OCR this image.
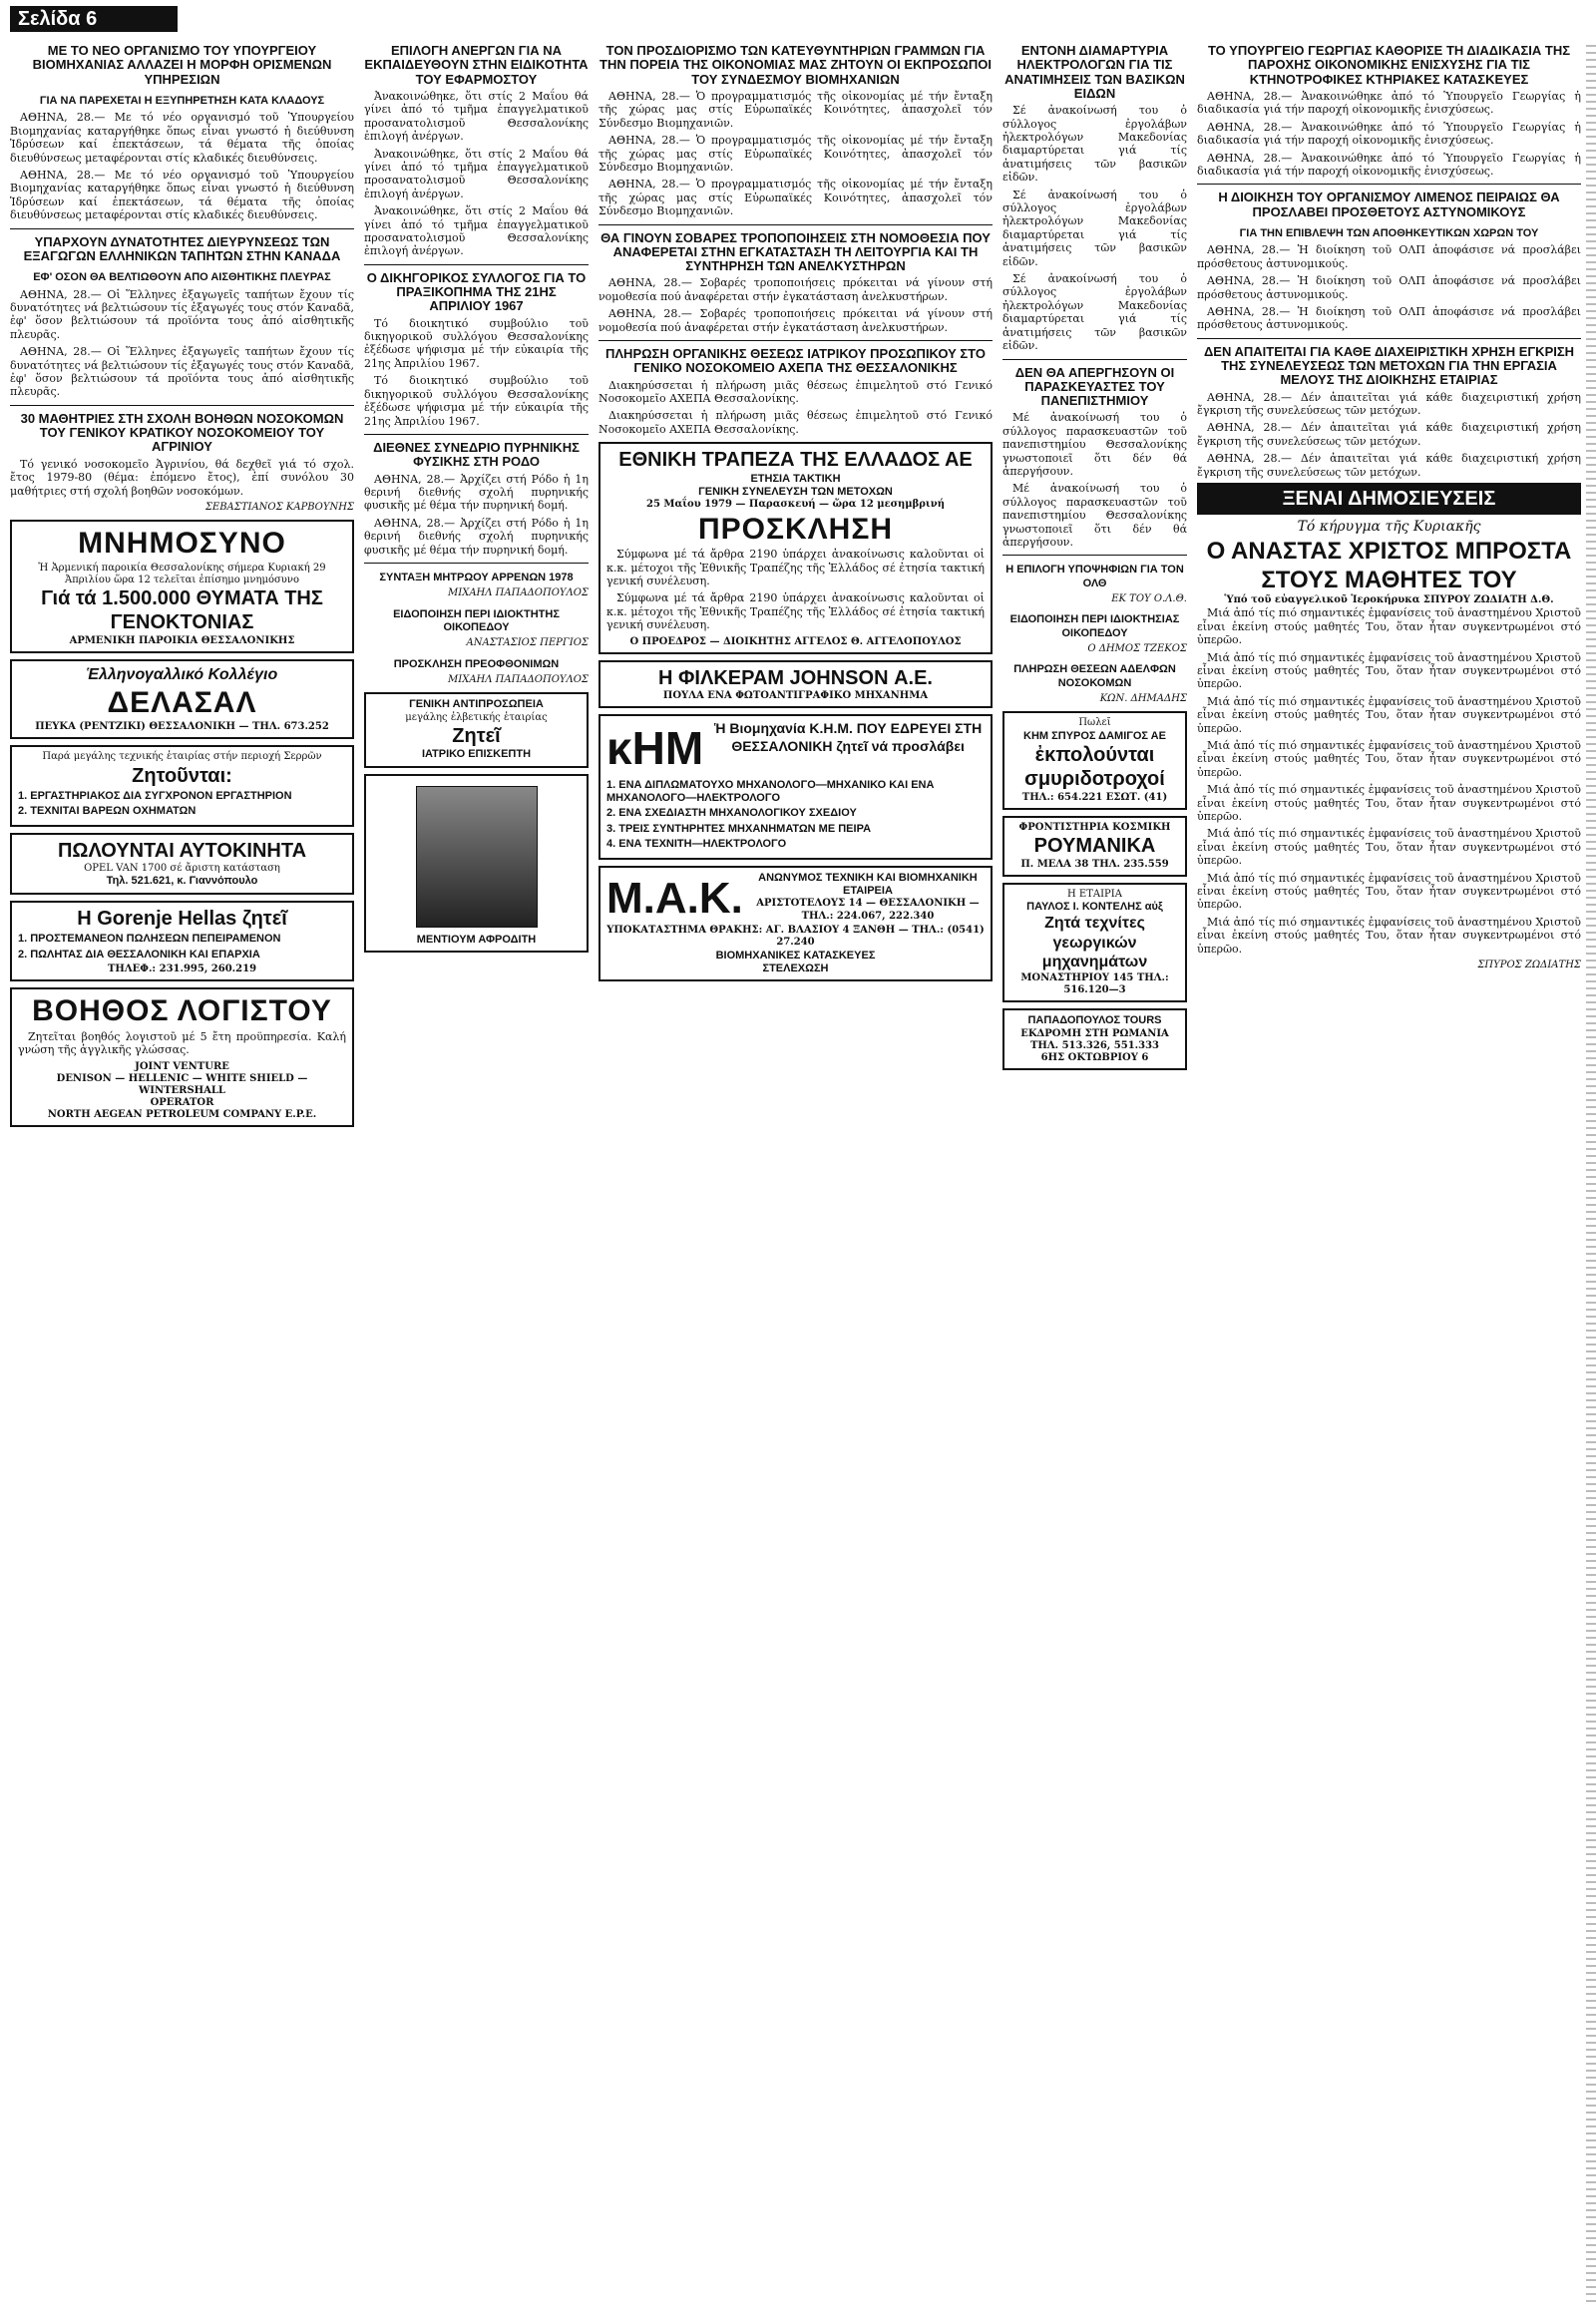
Σελίδα 6
ΜΕ ΤΟ ΝΕΟ ΟΡΓΑΝΙΣΜΟ ΤΟΥ ΥΠΟΥΡΓΕΙΟΥ ΒΙΟΜΗΧΑΝΙΑΣ ΑΛΛΑΖΕΙ Η ΜΟΡΦΗ ΟΡΙΣΜΕΝΩΝ ΥΠΗΡΕΣΙΩΝ
ΓΙΑ ΝΑ ΠΑΡΕΧΕΤΑΙ Η ΕΞΥΠΗΡΕΤΗΣΗ ΚΑΤΑ ΚΛΑΔΟΥΣ

ΑΘΗΝΑ, 28.— Με τό νέο οργανισμό τοῦ Ὑπουργείου Βιομηχανίας καταργήθηκε ὅπως εἶναι γνωστό ἡ διεύθυνση Ἱδρύσεων καί ἐπεκτάσεων, τά θέματα τῆς ὁποίας διευθύνσεως μεταφέρονται στίς κλαδικές διευθύνσεις.

ΑΘΗΝΑ, 28.— Με τό νέο οργανισμό τοῦ Ὑπουργείου Βιομηχανίας καταργήθηκε ὅπως εἶναι γνωστό ἡ διεύθυνση Ἱδρύσεων καί ἐπεκτάσεων, τά θέματα τῆς ὁποίας διευθύνσεως μεταφέρονται στίς κλαδικές διευθύνσεις.

ΥΠΑΡΧΟΥΝ ΔΥΝΑΤΟΤΗΤΕΣ ΔΙΕΥΡΥΝΣΕΩΣ ΤΩΝ ΕΞΑΓΩΓΩΝ ΕΛΛΗΝΙΚΩΝ ΤΑΠΗΤΩΝ ΣΤΗΝ ΚΑΝΑΔΑ
ΕΦ' ΟΣΟΝ ΘΑ ΒΕΛΤΙΩΘΟΥΝ ΑΠΟ ΑΙΣΘΗΤΙΚΗΣ ΠΛΕΥΡΑΣ

ΑΘΗΝΑ, 28.— Οἱ Ἕλληνες ἐξαγωγεῖς ταπήτων ἔχουν τίς δυνατότητες νά βελτιώσουν τίς ἐξαγωγές τους στόν Καναδᾶ, ἐφ' ὅσον βελτιώσουν τά προϊόντα τους ἀπό αἰσθητικῆς πλευρᾶς.

ΑΘΗΝΑ, 28.— Οἱ Ἕλληνες ἐξαγωγεῖς ταπήτων ἔχουν τίς δυνατότητες νά βελτιώσουν τίς ἐξαγωγές τους στόν Καναδᾶ, ἐφ' ὅσον βελτιώσουν τά προϊόντα τους ἀπό αἰσθητικῆς πλευρᾶς.

30 ΜΑΘΗΤΡΙΕΣ ΣΤΗ ΣΧΟΛΗ ΒΟΗΘΩΝ ΝΟΣΟΚΟΜΩΝ ΤΟΥ ΓΕΝΙΚΟΥ ΚΡΑΤΙΚΟΥ ΝΟΣΟΚΟΜΕΙΟΥ ΤΟΥ ΑΓΡΙΝΙΟΥ

Τό γενικό νοσοκομεῖο Ἀγρινίου, θά δεχθεῖ γιά τό σχολ. ἔτος 1979-80 (θέμα: ἐπόμενο ἔτος), ἐπί συνόλου 30 μαθήτριες στή σχολή βοηθῶν νοσοκόμων.

ΣΕΒΑΣΤΙΑΝΟΣ ΚΑΡΒΟΥΝΗΣ
ΜΝΗΜΟΣΥΝΟ
Ἡ Ἀρμενική παροικία Θεσσαλονίκης σήμερα Κυριακή 29 Ἀπριλίου ὥρα 12 τελεῖται ἐπίσημο μνημόσυνο
Γιά τά 1.500.000 ΘΥΜΑΤΑ ΤΗΣ ΓΕΝΟΚΤΟΝΙΑΣ
ΑΡΜΕΝΙΚΗ ΠΑΡΟΙΚΙΑ ΘΕΣΣΑΛΟΝΙΚΗΣ
Ἑλληνογαλλικό Κολλέγιο
ΔΕΛΑΣΑΛ
ΠΕΥΚΑ (ΡΕΝΤΖΙΚΙ) ΘΕΣΣΑΛΟΝΙΚΗ — ΤΗΛ. 673.252
Παρά μεγάλης τεχνικής ἑταιρίας στήν περιοχή Σερρῶν
Ζητοῦνται:
1. ΕΡΓΑΣΤΗΡΙΑΚΟΣ ΔΙΑ ΣΥΓΧΡΟΝΟΝ ΕΡΓΑΣΤΗΡΙΟΝ
2. ΤΕΧΝΙΤΑΙ ΒΑΡΕΩΝ ΟΧΗΜΑΤΩΝ
ΠΩΛΟΥΝΤΑΙ ΑΥΤΟΚΙΝΗΤΑ
OPEL VAN 1700 σέ ἄριστη κατάσταση
Τηλ. 521.621, κ. Γιαννόπουλο
Η Gorenje Hellas ζητεῖ
1. ΠΡΟΣΤΕΜΑΝΕΟΝ ΠΩΛΗΣΕΩΝ ΠΕΠΕΙΡΑΜΕΝΟΝ
2. ΠΩΛΗΤΑΣ ΔΙΑ ΘΕΣΣΑΛΟΝΙΚΗ ΚΑΙ ΕΠΑΡΧΙΑ
ΤΗΛΕΦ.: 231.995, 260.219
ΒΟΗΘΟΣ ΛΟΓΙΣΤΟΥ

Ζητεῖται βοηθός λογιστοῦ μέ 5 ἔτη προϋπηρεσία. Καλή γνώση τῆς ἀγγλικῆς γλώσσας.

JOINT VENTURE
DENISON — HELLENIC — WHITE SHIELD — WINTERSHALL
OPERATOR
NORTH AEGEAN PETROLEUM COMPANY E.P.E.
ΕΠΙΛΟΓΗ ΑΝΕΡΓΩΝ ΓΙΑ ΝΑ ΕΚΠΑΙΔΕΥΘΟΥΝ ΣΤΗΝ ΕΙΔΙΚΟΤΗΤΑ ΤΟΥ ΕΦΑΡΜΟΣΤΟΥ

Ἀνακοινώθηκε, ὅτι στίς 2 Μαΐου θά γίνει ἀπό τό τμῆμα ἐπαγγελματικοῦ προσανατολισμοῦ Θεσσαλονίκης ἐπιλογή ἀνέργων.

Ἀνακοινώθηκε, ὅτι στίς 2 Μαΐου θά γίνει ἀπό τό τμῆμα ἐπαγγελματικοῦ προσανατολισμοῦ Θεσσαλονίκης ἐπιλογή ἀνέργων.

Ἀνακοινώθηκε, ὅτι στίς 2 Μαΐου θά γίνει ἀπό τό τμῆμα ἐπαγγελματικοῦ προσανατολισμοῦ Θεσσαλονίκης ἐπιλογή ἀνέργων.

Ο ΔΙΚΗΓΟΡΙΚΟΣ ΣΥΛΛΟΓΟΣ ΓΙΑ ΤΟ ΠΡΑΞΙΚΟΠΗΜΑ ΤΗΣ 21ΗΣ ΑΠΡΙΛΙΟΥ 1967

Τό διοικητικό συμβούλιο τοῦ δικηγορικοῦ συλλόγου Θεσσαλονίκης ἐξέδωσε ψήφισμα μέ τήν εὐκαιρία τῆς 21ης Ἀπριλίου 1967.

Τό διοικητικό συμβούλιο τοῦ δικηγορικοῦ συλλόγου Θεσσαλονίκης ἐξέδωσε ψήφισμα μέ τήν εὐκαιρία τῆς 21ης Ἀπριλίου 1967.

ΔΙΕΘΝΕΣ ΣΥΝΕΔΡΙΟ ΠΥΡΗΝΙΚΗΣ ΦΥΣΙΚΗΣ ΣΤΗ ΡΟΔΟ

ΑΘΗΝΑ, 28.— Ἀρχίζει στή Ρόδο ἡ 1η θερινή διεθνής σχολή πυρηνικής φυσικῆς μέ θέμα τήν πυρηνική δομή.

ΑΘΗΝΑ, 28.— Ἀρχίζει στή Ρόδο ἡ 1η θερινή διεθνής σχολή πυρηνικής φυσικῆς μέ θέμα τήν πυρηνική δομή.

ΣΥΝΤΑΞΗ ΜΗΤΡΩΟΥ ΑΡΡΕΝΩΝ 1978
ΜΙΧΑΗΛ ΠΑΠΑΔΟΠΟΥΛΟΣ
ΕΙΔΟΠΟΙΗΣΗ ΠΕΡΙ ΙΔΙΟΚΤΗΤΗΣ ΟΙΚΟΠΕΔΟΥ
ΑΝΑΣΤΑΣΙΟΣ ΠΕΡΓΙΟΣ
ΠΡΟΣΚΛΗΣΗ ΠΡΕΟΦΘΟΝΙΜΩΝ
ΜΙΧΑΗΛ ΠΑΠΑΔΟΠΟΥΛΟΣ
ΓΕΝΙΚΗ ΑΝΤΙΠΡΟΣΩΠΕΙΑ
μεγάλης ἐλβετικής ἑταιρίας
Ζητεῖ
ΙΑΤΡΙΚΟ ΕΠΙΣΚΕΠΤΗ
ΜΕΝΤΙΟΥΜ ΑΦΡΟΔΙΤΗ
ΤΟΝ ΠΡΟΣΔΙΟΡΙΣΜΟ ΤΩΝ ΚΑΤΕΥΘΥΝΤΗΡΙΩΝ ΓΡΑΜΜΩΝ ΓΙΑ ΤΗΝ ΠΟΡΕΙΑ ΤΗΣ ΟΙΚΟΝΟΜΙΑΣ ΜΑΣ ΖΗΤΟΥΝ ΟΙ ΕΚΠΡΟΣΩΠΟΙ ΤΟΥ ΣΥΝΔΕΣΜΟΥ ΒΙΟΜΗΧΑΝΙΩΝ

ΑΘΗΝΑ, 28.— Ὁ προγραμματισμός τῆς οἰκονομίας μέ τήν ἔνταξη τῆς χώρας μας στίς Εὐρωπαϊκές Κοινότητες, ἀπασχολεῖ τόν Σύνδεσμο Βιομηχανιῶν.

ΑΘΗΝΑ, 28.— Ὁ προγραμματισμός τῆς οἰκονομίας μέ τήν ἔνταξη τῆς χώρας μας στίς Εὐρωπαϊκές Κοινότητες, ἀπασχολεῖ τόν Σύνδεσμο Βιομηχανιῶν.

ΑΘΗΝΑ, 28.— Ὁ προγραμματισμός τῆς οἰκονομίας μέ τήν ἔνταξη τῆς χώρας μας στίς Εὐρωπαϊκές Κοινότητες, ἀπασχολεῖ τόν Σύνδεσμο Βιομηχανιῶν.

ΘΑ ΓΙΝΟΥΝ ΣΟΒΑΡΕΣ ΤΡΟΠΟΠΟΙΗΣΕΙΣ ΣΤΗ ΝΟΜΟΘΕΣΙΑ ΠΟΥ ΑΝΑΦΕΡΕΤΑΙ ΣΤΗΝ ΕΓΚΑΤΑΣΤΑΣΗ ΤΗ ΛΕΙΤΟΥΡΓΙΑ ΚΑΙ ΤΗ ΣΥΝΤΗΡΗΣΗ ΤΩΝ ΑΝΕΛΚΥΣΤΗΡΩΝ

ΑΘΗΝΑ, 28.— Σοβαρές τροποποιήσεις πρόκειται νά γίνουν στή νομοθεσία πού ἀναφέρεται στήν ἐγκατάσταση ἀνελκυστήρων.

ΑΘΗΝΑ, 28.— Σοβαρές τροποποιήσεις πρόκειται νά γίνουν στή νομοθεσία πού ἀναφέρεται στήν ἐγκατάσταση ἀνελκυστήρων.

ΠΛΗΡΩΣΗ ΟΡΓΑΝΙΚΗΣ ΘΕΣΕΩΣ ΙΑΤΡΙΚΟΥ ΠΡΟΣΩΠΙΚΟΥ ΣΤΟ ΓΕΝΙΚΟ ΝΟΣΟΚΟΜΕΙΟ ΑΧΕΠΑ ΤΗΣ ΘΕΣΣΑΛΟΝΙΚΗΣ

Διακηρύσσεται ἡ πλήρωση μιᾶς θέσεως ἐπιμελητοῦ στό Γενικό Νοσοκομεῖο ΑΧΕΠΑ Θεσσαλονίκης.

Διακηρύσσεται ἡ πλήρωση μιᾶς θέσεως ἐπιμελητοῦ στό Γενικό Νοσοκομεῖο ΑΧΕΠΑ Θεσσαλονίκης.

ΕΘΝΙΚΗ ΤΡΑΠΕΖΑ ΤΗΣ ΕΛΛΑΔΟΣ ΑΕ
ΕΤΗΣΙΑ ΤΑΚΤΙΚΗ
ΓΕΝΙΚΗ ΣΥΝΕΛΕΥΣΗ ΤΩΝ ΜΕΤΟΧΩΝ
25 Μαΐου 1979 — Παρασκευή — ὥρα 12 μεσημβρινή
ΠΡΟΣΚΛΗΣΗ

Σύμφωνα μέ τά ἄρθρα 2190 ὑπάρχει ἀνακοίνωσις καλοῦνται οἱ κ.κ. μέτοχοι τῆς Ἐθνικῆς Τραπέζης τῆς Ἑλλάδος σέ ἐτησία τακτική γενική συνέλευση.

Σύμφωνα μέ τά ἄρθρα 2190 ὑπάρχει ἀνακοίνωσις καλοῦνται οἱ κ.κ. μέτοχοι τῆς Ἐθνικῆς Τραπέζης τῆς Ἑλλάδος σέ ἐτησία τακτική γενική συνέλευση.

Ο ΠΡΟΕΔΡΟΣ — ΔΙΟΙΚΗΤΗΣ ΑΓΓΕΛΟΣ Θ. ΑΓΓΕΛΟΠΟΥΛΟΣ
Η ΦΙΛΚΕΡΑΜ JOHNSON Α.Ε.
ΠΟΥΛΑ ΕΝΑ ΦΩΤΟΑΝΤΙΓΡΑΦΙΚΟ ΜΗΧΑΝΗΜΑ
κΗΜ Ἡ Βιομηχανία Κ.Η.Μ. ΠΟΥ ΕΔΡΕΥΕΙ ΣΤΗ ΘΕΣΣΑΛΟΝΙΚΗ ζητεῖ νά προσλάβει
1. ΕΝΑ ΔΙΠΛΩΜΑΤΟΥΧΟ ΜΗΧΑΝΟΛΟΓΟ—ΜΗΧΑΝΙΚΟ ΚΑΙ ΕΝΑ ΜΗΧΑΝΟΛΟΓΟ—ΗΛΕΚΤΡΟΛΟΓΟ
2. ΕΝΑ ΣΧΕΔΙΑΣΤΗ ΜΗΧΑΝΟΛΟΓΙΚΟΥ ΣΧΕΔΙΟΥ
3. ΤΡΕΙΣ ΣΥΝΤΗΡΗΤΕΣ ΜΗΧΑΝΗΜΑΤΩΝ ΜΕ ΠΕΙΡΑ
4. ΕΝΑ ΤΕΧΝΙΤΗ—ΗΛΕΚΤΡΟΛΟΓΟ
Μ.Α.Κ.	ΑΝΩΝΥΜΟΣ ΤΕΧΝΙΚΗ ΚΑΙ ΒΙΟΜΗΧΑΝΙΚΗ ΕΤΑΙΡΕΙΑ
ΑΡΙΣΤΟΤΕΛΟΥΣ 14 — ΘΕΣΣΑΛΟΝΙΚΗ — ΤΗΛ.: 224.067, 222.340
ΥΠΟΚΑΤΑΣΤΗΜΑ ΘΡΑΚΗΣ: ΑΓ. ΒΛΑΣΙΟΥ 4 ΞΑΝΘΗ — ΤΗΛ.: (0541) 27.240
ΒΙΟΜΗΧΑΝΙΚΕΣ ΚΑΤΑΣΚΕΥΕΣ
ΣΤΕΛΕΧΩΣΗ
ΕΝΤΟΝΗ ΔΙΑΜΑΡΤΥΡΙΑ ΗΛΕΚΤΡΟΛΟΓΩΝ ΓΙΑ ΤΙΣ ΑΝΑΤΙΜΗΣΕΙΣ ΤΩΝ ΒΑΣΙΚΩΝ ΕΙΔΩΝ

Σέ ἀνακοίνωσή του ὁ σύλλογος ἐργολάβων ἠλεκτρολόγων Μακεδονίας διαμαρτύρεται γιά τίς ἀνατιμήσεις τῶν βασικῶν εἰδῶν.

Σέ ἀνακοίνωσή του ὁ σύλλογος ἐργολάβων ἠλεκτρολόγων Μακεδονίας διαμαρτύρεται γιά τίς ἀνατιμήσεις τῶν βασικῶν εἰδῶν.

Σέ ἀνακοίνωσή του ὁ σύλλογος ἐργολάβων ἠλεκτρολόγων Μακεδονίας διαμαρτύρεται γιά τίς ἀνατιμήσεις τῶν βασικῶν εἰδῶν.

ΔΕΝ ΘΑ ΑΠΕΡΓΗΣΟΥΝ ΟΙ ΠΑΡΑΣΚΕΥΑΣΤΕΣ ΤΟΥ ΠΑΝΕΠΙΣΤΗΜΙΟΥ

Μέ ἀνακοίνωσή του ὁ σύλλογος παρασκευαστῶν τοῦ πανεπιστημίου Θεσσαλονίκης γνωστοποιεῖ ὅτι δέν θά ἀπεργήσουν.

Μέ ἀνακοίνωσή του ὁ σύλλογος παρασκευαστῶν τοῦ πανεπιστημίου Θεσσαλονίκης γνωστοποιεῖ ὅτι δέν θά ἀπεργήσουν.

Η ΕΠΙΛΟΓΗ ΥΠΟΨΗΦΙΩΝ ΓΙΑ ΤΟΝ ΟΛΘ
ΕΚ ΤΟΥ Ο.Λ.Θ.
ΕΙΔΟΠΟΙΗΣΗ ΠΕΡΙ ΙΔΙΟΚΤΗΣΙΑΣ ΟΙΚΟΠΕΔΟΥ
Ο ΔΗΜΟΣ ΤΖΕΚΟΣ
ΠΛΗΡΩΣΗ ΘΕΣΕΩΝ ΑΔΕΛΦΩΝ ΝΟΣΟΚΟΜΩΝ
ΚΩΝ. ΔΗΜΑΔΗΣ
Πωλεῖ
ΚΗΜ ΣΠΥΡΟΣ ΔΑΜΙΓΟΣ ΑΕ
ἐκπολούνται σμυριδοτροχοί
ΤΗΛ.: 654.221 ΕΣΩΤ. (41)
ΦΡΟΝΤΙΣΤΗΡΙΑ ΚΟΣΜΙΚΗ
ΡΟΥΜΑΝΙΚΑ
Π. ΜΕΛΑ 38 ΤΗΛ. 235.559
Η ΕΤΑΙΡΙΑ
ΠΑΥΛΟΣ Ι. ΚΟΝΤΕΛΗΣ αὐξ
Ζητά τεχνίτες γεωργικών μηχανημάτων
ΜΟΝΑΣΤΗΡΙΟΥ 145 ΤΗΛ.: 516.120—3
ΠΑΠΑΔΟΠΟΥΛΟΣ TOURS
ΕΚΔΡΟΜΗ ΣΤΗ ΡΩΜΑΝΙΑ
ΤΗΛ. 513.326, 551.333
6ΗΣ ΟΚΤΩΒΡΙΟΥ 6
ΤΟ ΥΠΟΥΡΓΕΙΟ ΓΕΩΡΓΙΑΣ ΚΑΘΟΡΙΣΕ ΤΗ ΔΙΑΔΙΚΑΣΙΑ ΤΗΣ ΠΑΡΟΧΗΣ ΟΙΚΟΝΟΜΙΚΗΣ ΕΝΙΣΧΥΣΗΣ ΓΙΑ ΤΙΣ ΚΤΗΝΟΤΡΟΦΙΚΕΣ ΚΤΗΡΙΑΚΕΣ ΚΑΤΑΣΚΕΥΕΣ

ΑΘΗΝΑ, 28.— Ἀνακοινώθηκε ἀπό τό Ὑπουργεῖο Γεωργίας ἡ διαδικασία γιά τήν παροχή οἰκονομικῆς ἐνισχύσεως.

ΑΘΗΝΑ, 28.— Ἀνακοινώθηκε ἀπό τό Ὑπουργεῖο Γεωργίας ἡ διαδικασία γιά τήν παροχή οἰκονομικῆς ἐνισχύσεως.

ΑΘΗΝΑ, 28.— Ἀνακοινώθηκε ἀπό τό Ὑπουργεῖο Γεωργίας ἡ διαδικασία γιά τήν παροχή οἰκονομικῆς ἐνισχύσεως.

Η ΔΙΟΙΚΗΣΗ ΤΟΥ ΟΡΓΑΝΙΣΜΟΥ ΛΙΜΕΝΟΣ ΠΕΙΡΑΙΩΣ ΘΑ ΠΡΟΣΛΑΒΕΙ ΠΡΟΣΘΕΤΟΥΣ ΑΣΤΥΝΟΜΙΚΟΥΣ
ΓΙΑ ΤΗΝ ΕΠΙΒΛΕΨΗ ΤΩΝ ΑΠΟΘΗΚΕΥΤΙΚΩΝ ΧΩΡΩΝ ΤΟΥ

ΑΘΗΝΑ, 28.— Ἡ διοίκηση τοῦ ΟΛΠ ἀποφάσισε νά προσλάβει πρόσθετους ἀστυνομικούς.

ΑΘΗΝΑ, 28.— Ἡ διοίκηση τοῦ ΟΛΠ ἀποφάσισε νά προσλάβει πρόσθετους ἀστυνομικούς.

ΑΘΗΝΑ, 28.— Ἡ διοίκηση τοῦ ΟΛΠ ἀποφάσισε νά προσλάβει πρόσθετους ἀστυνομικούς.

ΔΕΝ ΑΠΑΙΤΕΙΤΑΙ ΓΙΑ ΚΑΘΕ ΔΙΑΧΕΙΡΙΣΤΙΚΗ ΧΡΗΣΗ ΕΓΚΡΙΣΗ ΤΗΣ ΣΥΝΕΛΕΥΣΕΩΣ ΤΩΝ ΜΕΤΟΧΩΝ ΓΙΑ ΤΗΝ ΕΡΓΑΣΙΑ ΜΕΛΟΥΣ ΤΗΣ ΔΙΟΙΚΗΣΗΣ ΕΤΑΙΡΙΑΣ

ΑΘΗΝΑ, 28.— Δέν ἀπαιτεῖται γιά κάθε διαχειριστική χρήση ἔγκριση τῆς συνελεύσεως τῶν μετόχων.

ΑΘΗΝΑ, 28.— Δέν ἀπαιτεῖται γιά κάθε διαχειριστική χρήση ἔγκριση τῆς συνελεύσεως τῶν μετόχων.

ΑΘΗΝΑ, 28.— Δέν ἀπαιτεῖται γιά κάθε διαχειριστική χρήση ἔγκριση τῆς συνελεύσεως τῶν μετόχων.

ΞΕΝΑΙ ΔΗΜΟΣΙΕΥΣΕΙΣ
Τό κήρυγμα τῆς Κυριακῆς
Ο ΑΝΑΣΤΑΣ ΧΡΙΣΤΟΣ ΜΠΡΟΣΤΑ ΣΤΟΥΣ ΜΑΘΗΤΕΣ ΤΟΥ
Ὑπό τοῦ εὐαγγελικοῦ Ἱεροκήρυκα ΣΠΥΡΟΥ ΖΩΔΙΑΤΗ Δ.Θ.

Μιά ἀπό τίς πιό σημαντικές ἐμφανίσεις τοῦ ἀναστημένου Χριστοῦ εἶναι ἐκείνη στούς μαθητές Του, ὅταν ἦταν συγκεντρωμένοι στό ὑπερῶο.

Μιά ἀπό τίς πιό σημαντικές ἐμφανίσεις τοῦ ἀναστημένου Χριστοῦ εἶναι ἐκείνη στούς μαθητές Του, ὅταν ἦταν συγκεντρωμένοι στό ὑπερῶο.

Μιά ἀπό τίς πιό σημαντικές ἐμφανίσεις τοῦ ἀναστημένου Χριστοῦ εἶναι ἐκείνη στούς μαθητές Του, ὅταν ἦταν συγκεντρωμένοι στό ὑπερῶο.

Μιά ἀπό τίς πιό σημαντικές ἐμφανίσεις τοῦ ἀναστημένου Χριστοῦ εἶναι ἐκείνη στούς μαθητές Του, ὅταν ἦταν συγκεντρωμένοι στό ὑπερῶο.

Μιά ἀπό τίς πιό σημαντικές ἐμφανίσεις τοῦ ἀναστημένου Χριστοῦ εἶναι ἐκείνη στούς μαθητές Του, ὅταν ἦταν συγκεντρωμένοι στό ὑπερῶο.

Μιά ἀπό τίς πιό σημαντικές ἐμφανίσεις τοῦ ἀναστημένου Χριστοῦ εἶναι ἐκείνη στούς μαθητές Του, ὅταν ἦταν συγκεντρωμένοι στό ὑπερῶο.

Μιά ἀπό τίς πιό σημαντικές ἐμφανίσεις τοῦ ἀναστημένου Χριστοῦ εἶναι ἐκείνη στούς μαθητές Του, ὅταν ἦταν συγκεντρωμένοι στό ὑπερῶο.

Μιά ἀπό τίς πιό σημαντικές ἐμφανίσεις τοῦ ἀναστημένου Χριστοῦ εἶναι ἐκείνη στούς μαθητές Του, ὅταν ἦταν συγκεντρωμένοι στό ὑπερῶο.

ΣΠΥΡΟΣ ΖΩΔΙΑΤΗΣ
